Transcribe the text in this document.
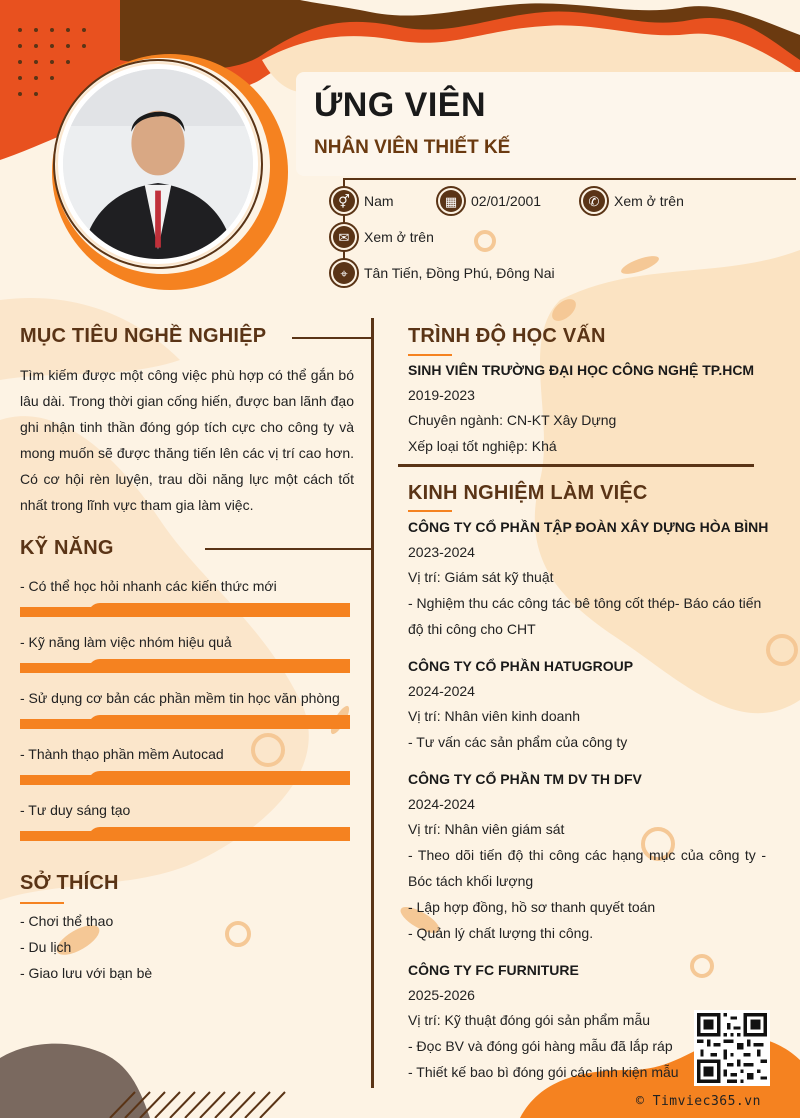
ỨNG VIÊN
NHÂN VIÊN THIẾT KẾ
⚥	Nam	▦ 02/01/2001	✆	Xem ở trên
✉	Xem ở trên
⌖	Tân Tiến, Đồng Phú, Đông Nai
MỤC TIÊU NGHỀ NGHIỆP
Tìm kiếm được một công việc phù hợp có thể gắn bó lâu dài. Trong thời gian cống hiến, được ban lãnh đạo ghi nhận tinh thần đóng góp tích cực cho công ty và mong muốn sẽ được thăng tiến lên các vị trí cao hơn. Có cơ hội rèn luyện, trau dồi năng lực một cách tốt nhất trong lĩnh vực tham gia làm việc.
KỸ NĂNG
- Có thể học hỏi nhanh các kiến thức mới
- Kỹ năng làm việc nhóm hiệu quả
- Sử dụng cơ bản các phần mềm tin học văn phòng
- Thành thạo phần mềm Autocad
- Tư duy sáng tạo
SỞ THÍCH
- Chơi thể thao
- Du lịch
- Giao lưu với bạn bè
TRÌNH ĐỘ HỌC VẤN
SINH VIÊN TRƯỜNG ĐẠI HỌC CÔNG NGHỆ TP.HCM
2019-2023
Chuyên ngành: CN-KT Xây Dựng
Xếp loại tốt nghiệp: Khá
KINH NGHIỆM LÀM VIỆC
CÔNG TY CỔ PHẦN TẬP ĐOÀN XÂY DỰNG HÒA BÌNH
2023-2024
Vị trí: Giám sát kỹ thuật
- Nghiệm thu các công tác bê tông cốt thép- Báo cáo tiến độ thi công cho CHT
CÔNG TY CỔ PHẦN HATUGROUP
2024-2024
Vị trí: Nhân viên kinh doanh
- Tư vấn các sản phẩm của công ty
CÔNG TY CỔ PHẦN TM DV TH DFV
2024-2024
Vị trí: Nhân viên giám sát
- Theo dõi tiến độ thi công các hạng mục của công ty - Bóc tách khối lượng
- Lập hợp đồng, hồ sơ thanh quyết toán
- Quản lý chất lượng thi công.
CÔNG TY FC FURNITURE
2025-2026
Vị trí: Kỹ thuật đóng gói sản phẩm mẫu
- Đọc BV và đóng gói hàng mẫu đã lắp ráp
- Thiết kế bao bì đóng gói các linh kiện mẫu
© Timviec365.vn
